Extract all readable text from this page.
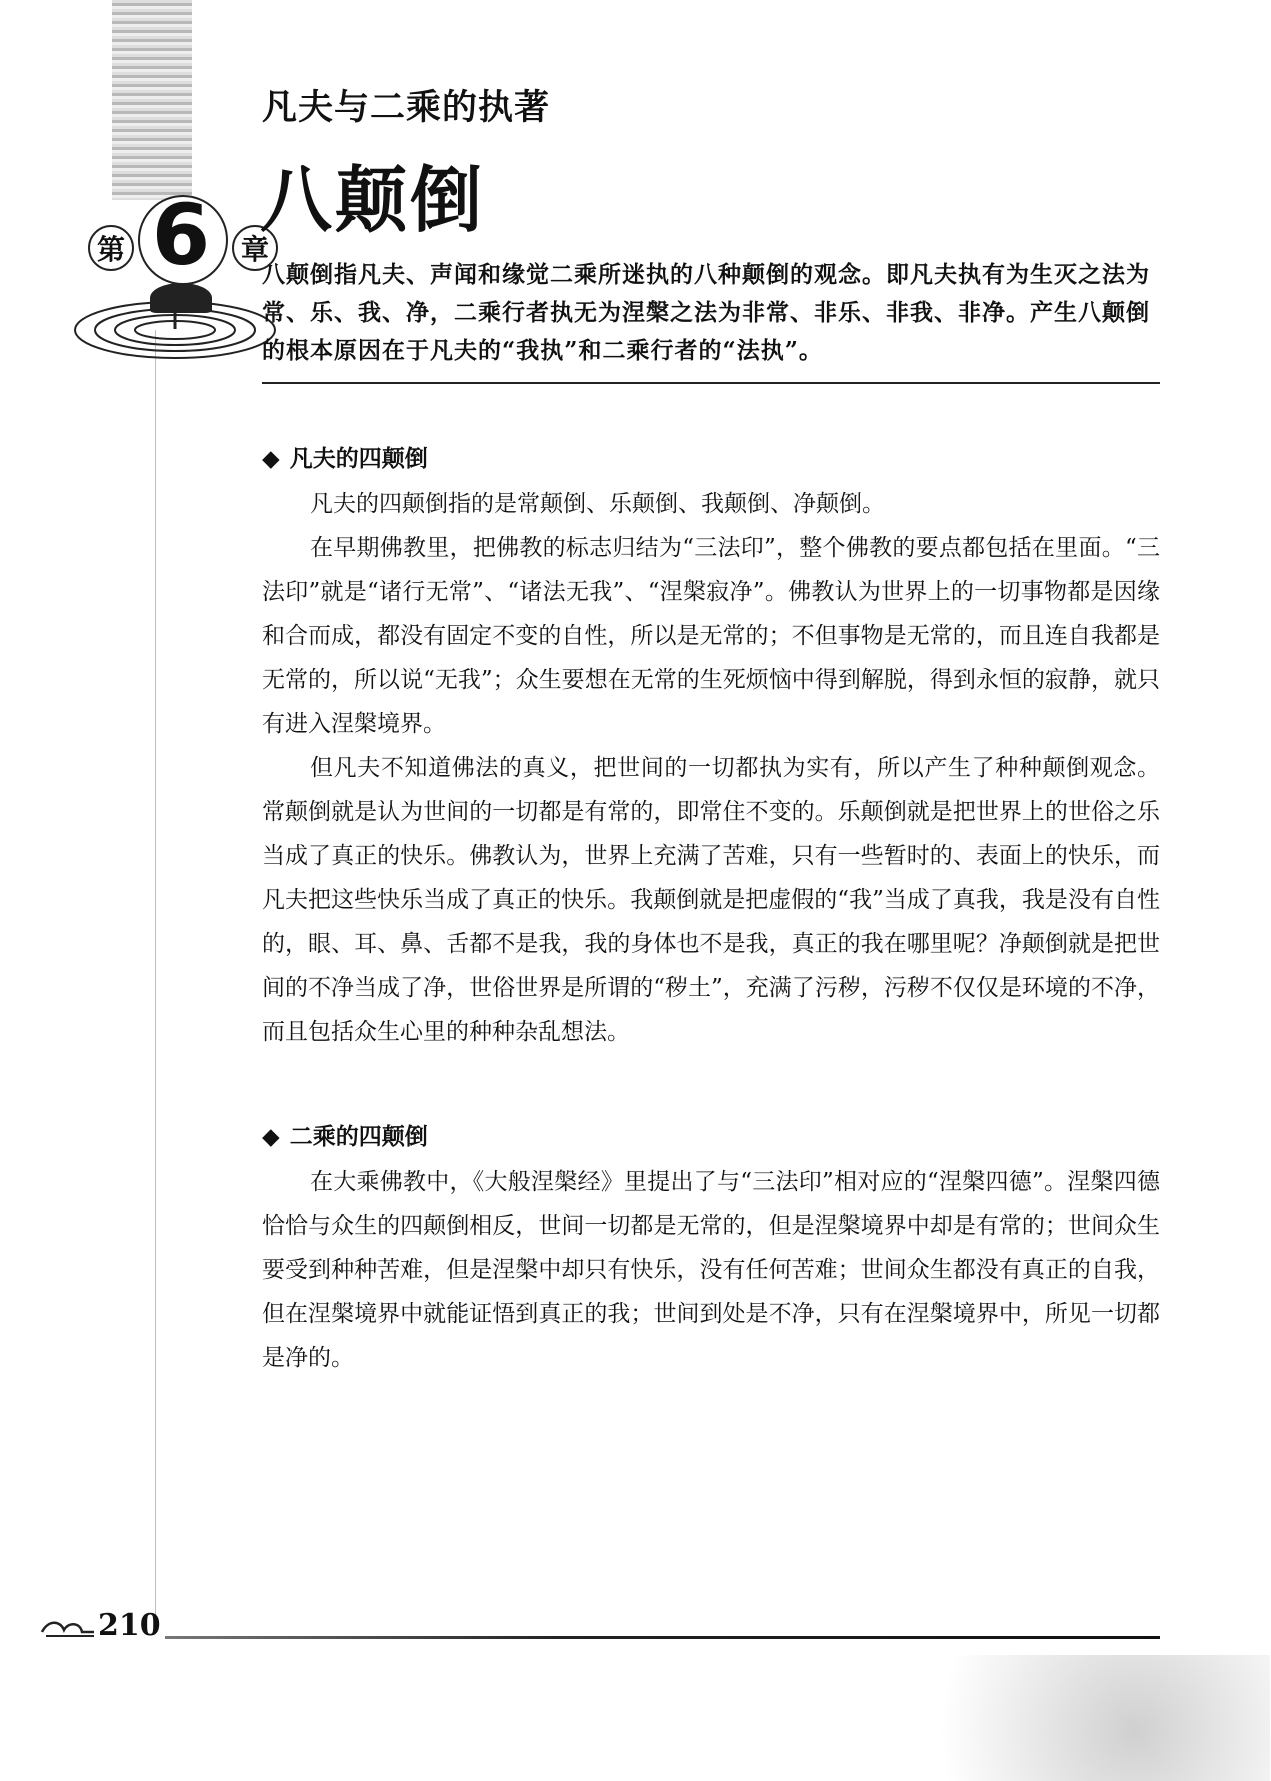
6
第	章
凡夫与二乘的执著
八颠倒
八颠倒指凡夫、声闻和缘觉二乘所迷执的八种颠倒的观念。即凡夫执有为生灭之法为常、乐、我、净，二乘行者执无为涅槃之法为非常、非乐、非我、非净。产生八颠倒的根本原因在于凡夫的“我执”和二乘行者的“法执”。
◆ 凡夫的四颠倒

凡夫的四颠倒指的是常颠倒、乐颠倒、我颠倒、净颠倒。

在早期佛教里，把佛教的标志归结为“三法印”，整个佛教的要点都包括在里面。“三法印”就是“诸行无常”、“诸法无我”、“涅槃寂净”。佛教认为世界上的一切事物都是因缘和合而成，都没有固定不变的自性，所以是无常的；不但事物是无常的，而且连自我都是无常的，所以说“无我”；众生要想在无常的生死烦恼中得到解脱，得到永恒的寂静，就只有进入涅槃境界。

但凡夫不知道佛法的真义，把世间的一切都执为实有，所以产生了种种颠倒观念。常颠倒就是认为世间的一切都是有常的，即常住不变的。乐颠倒就是把世界上的世俗之乐当成了真正的快乐。佛教认为，世界上充满了苦难，只有一些暂时的、表面上的快乐，而凡夫把这些快乐当成了真正的快乐。我颠倒就是把虚假的“我”当成了真我，我是没有自性的，眼、耳、鼻、舌都不是我，我的身体也不是我，真正的我在哪里呢？净颠倒就是把世间的不净当成了净，世俗世界是所谓的“秽土”，充满了污秽，污秽不仅仅是环境的不净，而且包括众生心里的种种杂乱想法。

◆ 二乘的四颠倒

在大乘佛教中，《大般涅槃经》里提出了与“三法印”相对应的“涅槃四德”。涅槃四德恰恰与众生的四颠倒相反，世间一切都是无常的，但是涅槃境界中却是有常的；世间众生要受到种种苦难，但是涅槃中却只有快乐，没有任何苦难；世间众生都没有真正的自我，但在涅槃境界中就能证悟到真正的我；世间到处是不净，只有在涅槃境界中，所见一切都是净的。

210
